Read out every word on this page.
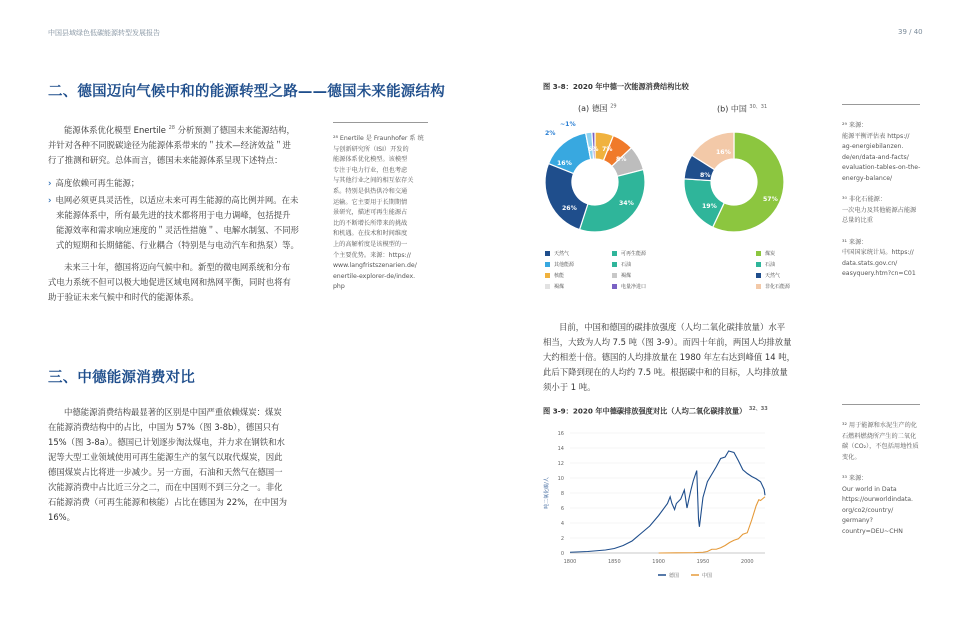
中国县域绿色低碳能源转型发展报告	39 / 40
二、德国迈向气候中和的能源转型之路——德国未来能源结构
能源体系优化模型 Enertile $^{28}$ 分析预测了德国未来能源结构，
并针对各种不同脱碳途径为能源体系带来的＂技术—经济效益＂进
行了推测和研究。总体而言，德国未来能源体系呈现下述特点：
› 高度依赖可再生能源；
› 电网必须更具灵活性，以适应未来可再生能源的高比例并网。在未
来能源体系中，所有最先进的技术都将用于电力调峰，包括提升
能源效率和需求响应速度的＂灵活性措施＂、电解水制氢、不同形
式的短期和长期储能、行业耦合（特别是与电动汽车和热泵）等。
未来三十年，德国将迈向气候中和。新型的微电网系统和分布
式电力系统不但可以极大地促进区域电网和热网平衡，同时也将有
助于验证未来气候中和时代的能源体系。
²⁸ Enertile 是 Fraunhofer 系 统
与创新研究所（ISI）开发的
能源体系优化模型。该模型
专注于电力行业，但也考虑
与其他行业之间的相互依存关
系。特别是供热供冷和交通
运输。它主要用于长期期情
景研究，描述可再生能源占
比的不断增长所带来的挑战
和机遇。在技术和时间维度
上的高解析度是该模型的一
个主要优势。来源：https://
www.langfristszenarien.de/
enertile-explorer-de/index.
php
三、中德能源消费对比
中德能源消费结构最显著的区别是中国严重依赖煤炭：煤炭
在能源消费结构中的占比，中国为 57%（图 3-8b），德国只有
15%（图 3-8a）。德国已计划逐步淘汰煤电，并力求在钢铁和水
泥等大型工业领域使用可再生能源生产的氢气以取代煤炭，因此
德国煤炭占比将进一步减少。另一方面，石油和天然气在德国一
次能源消费中占比近三分之二，而在中国则不到三分之一。非化
石能源消费（可再生能源和核能）占比在德国为 22%，在中国为
16%。
图 3-8：2020 年中德一次能源消费结构比较
(a) 德国 $^{29}$	(b) 中国 $^{30、31}$
26%
34%
16%
8%
7%
6%
2%
~1%
57%
19%
8%
16%
天然气	可再生能源
其他能源	石油
核能	褐煤
褐煤	电量净进口
煤炭
石油
天然气
非化石能源
目前，中国和德国的碳排放强度（人均二氧化碳排放量）水平
相当，大致为人均 7.5 吨（图 3-9）。而四十年前，两国人均排放量
大约相差十倍。德国的人均排放量在 1980 年左右达到峰值 14 吨，
此后下降到现在的人均约 7.5 吨。根据碳中和的目标，人均排放量
须小于 1 吨。
图 3-9：2020 年中德碳排放强度对比（人均二氧化碳排放量） $^{32、33}$
0
2
4
6
8
10
12
14
16
1800	1850	1900	1950	2000
吨二氧化碳/人
德国	中国
²⁹ 来源：
能源平衡评估表 https://
ag-energiebilanzen.
de/en/data-and-facts/
evaluation-tables-on-the-
energy-balance/

³⁰ 非化石能源：
一次电力及其他能源占能源
总量的比重

³¹ 来源：
中国国家统计局。https://
data.stats.gov.cn/
easyquery.htm?cn=C01
³² 用于能源和水泥生产的化
石燃料燃烧所产生的二氧化
碳（CO₂），不包括用地性质
变化。

³³ 来源：
Our world in Data
https://ourworldindata.
org/co2/country/
germany?country=DEU~CHN
